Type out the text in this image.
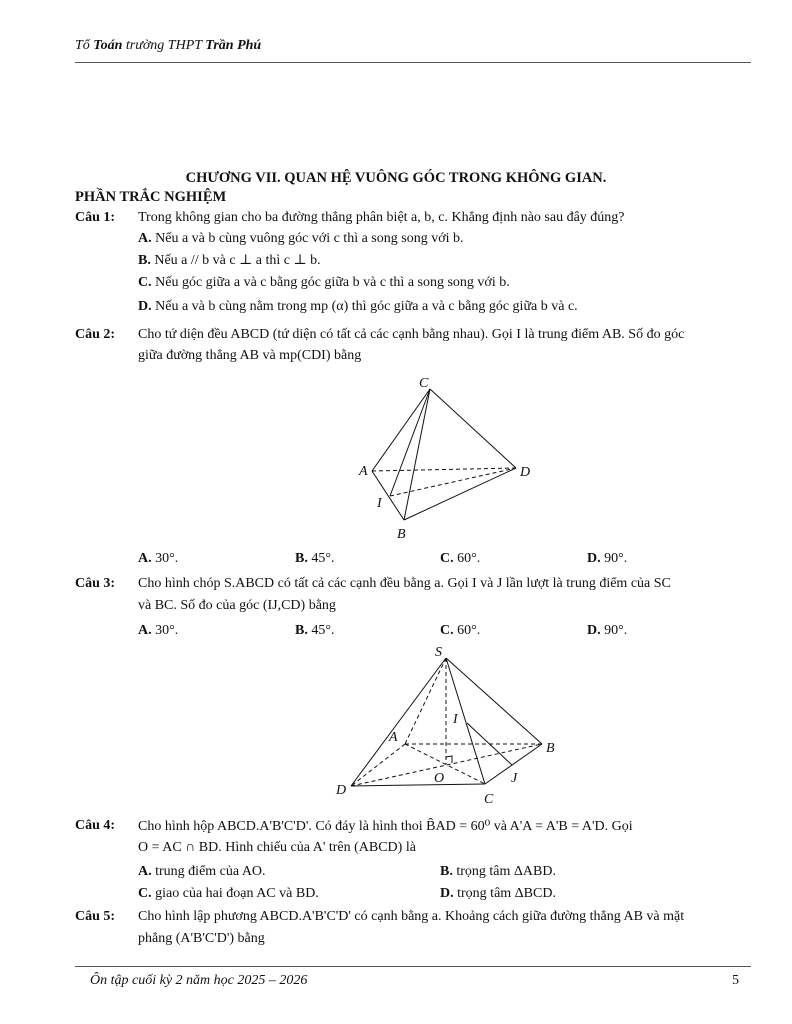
Tổ Toán trường THPT Trần Phú
CHƯƠNG VII. QUAN HỆ VUÔNG GÓC TRONG KHÔNG GIAN.
PHẦN TRẮC NGHIỆM
Câu 1: Trong không gian cho ba đường thẳng phân biệt a, b, c. Khẳng định nào sau đây đúng?
A. Nếu a và b cùng vuông góc với c thì a song song với b.
B. Nếu a // b và c ⊥ a thì c ⊥ b.
C. Nếu góc giữa a và c bằng góc giữa b và c thì a song song với b.
D. Nếu a và b cùng nằm trong mp (α) thì góc giữa a và c bằng góc giữa b và c.
Câu 2: Cho tứ diện đều ABCD (tứ diện có tất cả các cạnh bằng nhau). Gọi I là trung điểm AB. Số đo góc
giữa đường thẳng AB và mp(CDI) bằng
C
A	D
I
B
A. 30°.	B. 45°.	C. 60°.	D. 90°.
Câu 3: Cho hình chóp S.ABCD có tất cả các cạnh đều bằng a. Gọi I và J lần lượt là trung điểm của SC
và BC. Số đo của góc (IJ,CD) bằng
A. 30°.	B. 45°.	C. 60°.	D. 90°.
S
I
A
B
O	J
D
C
Câu 4: Cho hình hộp ABCD.A'B'C'D'. Có đáy là hình thoi B̂AD = 60⁰ và A'A = A'B = A'D. Gọi
O = AC ∩ BD. Hình chiếu của A' trên (ABCD) là
A. trung điểm của AO.	B. trọng tâm ΔABD.
C. giao của hai đoạn AC và BD.	D. trọng tâm ΔBCD.
Câu 5: Cho hình lập phương ABCD.A'B'C'D' có cạnh bằng a. Khoảng cách giữa đường thẳng AB và mặt
phẳng (A'B'C'D') bằng
Ôn tập cuối kỳ 2 năm học 2025 – 2026	5
